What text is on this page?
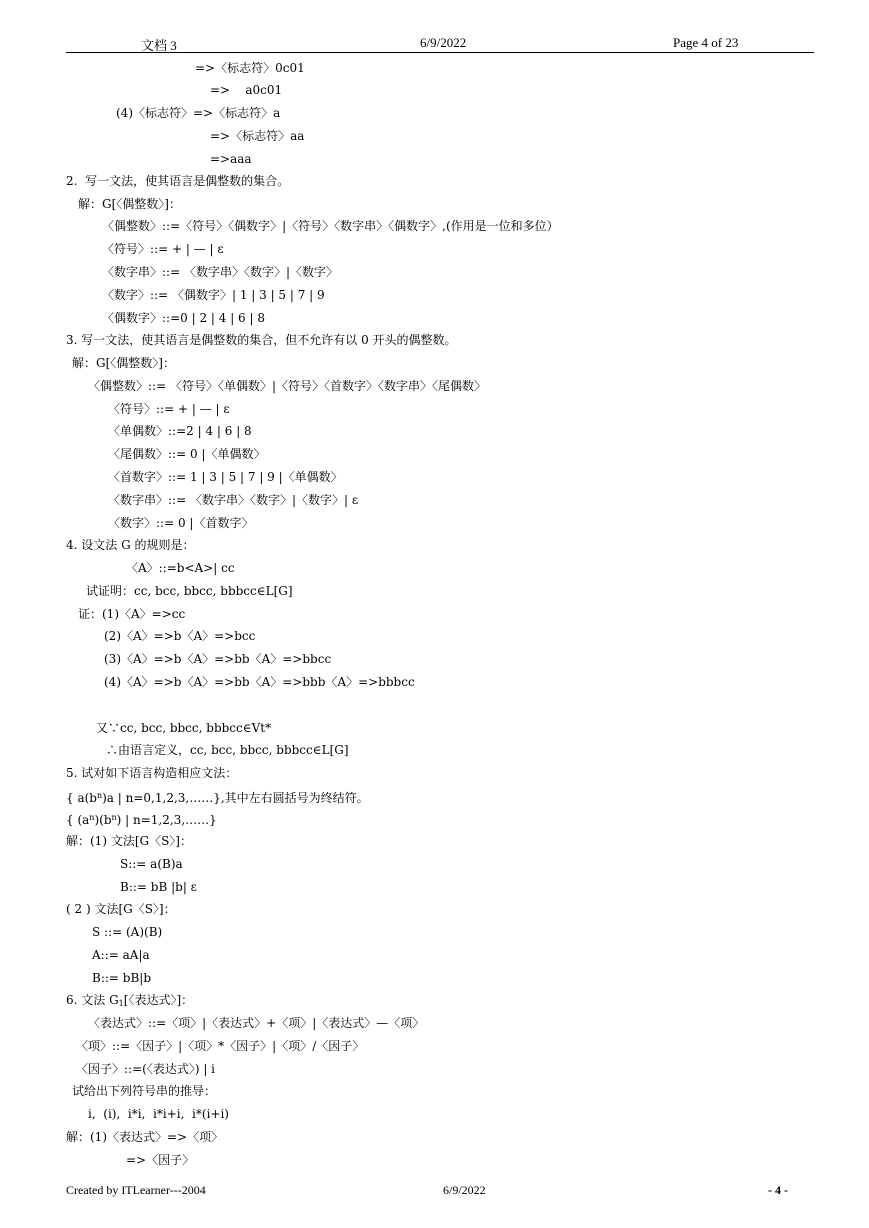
文档 3	6/9/2022	Page 4 of 23
=>〈标志符〉0c01
=>    a0c01
(4)〈标志符〉=>〈标志符〉a
=>〈标志符〉aa
=>aaa
2.  写一文法，使其语言是偶整数的集合。
解：G[〈偶整数〉]：
〈偶整数〉::=〈符号〉〈偶数字〉|〈符号〉〈数字串〉〈偶数字〉,(作用是一位和多位）
〈符号〉::= + | — | ε
〈数字串〉::= 〈数字串〉〈数字〉|〈数字〉
〈数字〉::= 〈偶数字〉| 1 | 3 | 5 | 7 | 9
〈偶数字〉::=0 | 2 | 4 | 6 | 8
3. 写一文法，使其语言是偶整数的集合，但不允许有以 0 开头的偶整数。
解：G[〈偶整数〉]：
〈偶整数〉::= 〈符号〉〈单偶数〉|〈符号〉〈首数字〉〈数字串〉〈尾偶数〉
〈符号〉::= + | — | ε
〈单偶数〉::=2 | 4 | 6 | 8
〈尾偶数〉::= 0 |〈单偶数〉
〈首数字〉::= 1 | 3 | 5 | 7 | 9 |〈单偶数〉
〈数字串〉::= 〈数字串〉〈数字〉|〈数字〉| ε
〈数字〉::= 0 |〈首数字〉
4. 设文法 G 的规则是：
〈A〉::=b<A>| cc
试证明：cc, bcc, bbcc, bbbcc∈L[G]
证：(1)〈A〉=>cc
(2)〈A〉=>b〈A〉=>bcc
(3)〈A〉=>b〈A〉=>bb〈A〉=>bbcc
(4)〈A〉=>b〈A〉=>bb〈A〉=>bbb〈A〉=>bbbcc
又∵cc, bcc, bbcc, bbbcc∈Vt*
∴由语言定义，cc, bcc, bbcc, bbbcc∈L[G]
5. 试对如下语言构造相应文法：
{ $a(b^n)a$ | n=0,1,2,3,……},其中左右圆括号为终结符。
{ $(a^n)(b^n)$ | n=1,2,3,……}
解：(1) 文法[G〈S〉]：
S::= a(B)a
B::= bB |b| ε
( 2 ) 文法[G〈S〉]：
S ::= (A)(B)
A::= aA|a
B::= bB|b
6. 文法 $G_1$[〈表达式〉]：
〈表达式〉::=〈项〉|〈表达式〉+〈项〉|〈表达式〉—〈项〉
〈项〉::=〈因子〉|〈项〉*〈因子〉|〈项〉/〈因子〉
〈因子〉::=(〈表达式〉) | i
试给出下列符号串的推导：
i,  (i),  i*i,  i*i+i,  i*(i+i)
解：(1)〈表达式〉=>〈项〉
=>〈因子〉
Created by ITLearner---2004	6/9/2022	- 4 -
